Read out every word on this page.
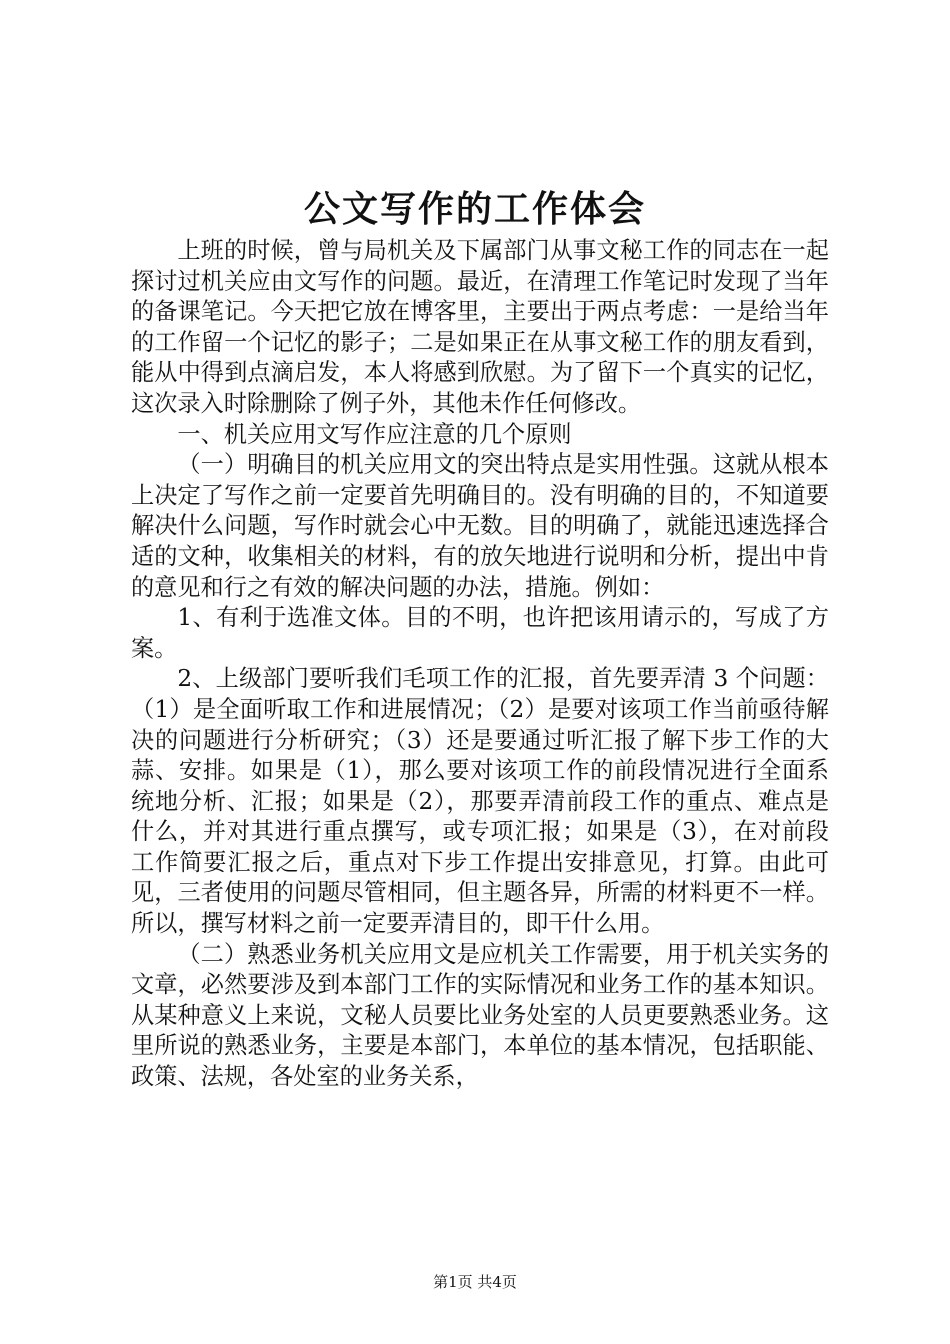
公文写作的工作体会

上班的时候，曾与局机关及下属部门从事文秘工作的同志在一起探讨过机关应由文写作的问题。最近，在清理工作笔记时发现了当年的备课笔记。今天把它放在博客里，主要出于两点考虑：一是给当年的工作留一个记忆的影子；二是如果正在从事文秘工作的朋友看到，能从中得到点滴启发，本人将感到欣慰。为了留下一个真实的记忆，这次录入时除删除了例子外，其他未作任何修改。

一、机关应用文写作应注意的几个原则

（一）明确目的机关应用文的突出特点是实用性强。这就从根本上决定了写作之前一定要首先明确目的。没有明确的目的，不知道要解决什么问题，写作时就会心中无数。目的明确了，就能迅速选择合适的文种，收集相关的材料，有的放矢地进行说明和分析，提出中肯的意见和行之有效的解决问题的办法，措施。例如：

1、有利于选准文体。目的不明，也许把该用请示的，写成了方案。

2、上级部门要听我们毛项工作的汇报，首先要弄清 3 个问题：（1）是全面听取工作和进展情况；（2）是要对该项工作当前亟待解决的问题进行分析研究；（3）还是要通过听汇报了解下步工作的大蒜、安排。如果是（1），那么要对该项工作的前段情况进行全面系统地分析、汇报；如果是（2），那要弄清前段工作的重点、难点是什么，并对其进行重点撰写，或专项汇报；如果是（3），在对前段工作简要汇报之后，重点对下步工作提出安排意见，打算。由此可见，三者使用的问题尽管相同，但主题各异，所需的材料更不一样。所以，撰写材料之前一定要弄清目的，即干什么用。

（二）熟悉业务机关应用文是应机关工作需要，用于机关实务的文章，必然要涉及到本部门工作的实际情况和业务工作的基本知识。从某种意义上来说，文秘人员要比业务处室的人员更要熟悉业务。这里所说的熟悉业务，主要是本部门，本单位的基本情况，包括职能、政策、法规，各处室的业务关系，

第1页 共4页
